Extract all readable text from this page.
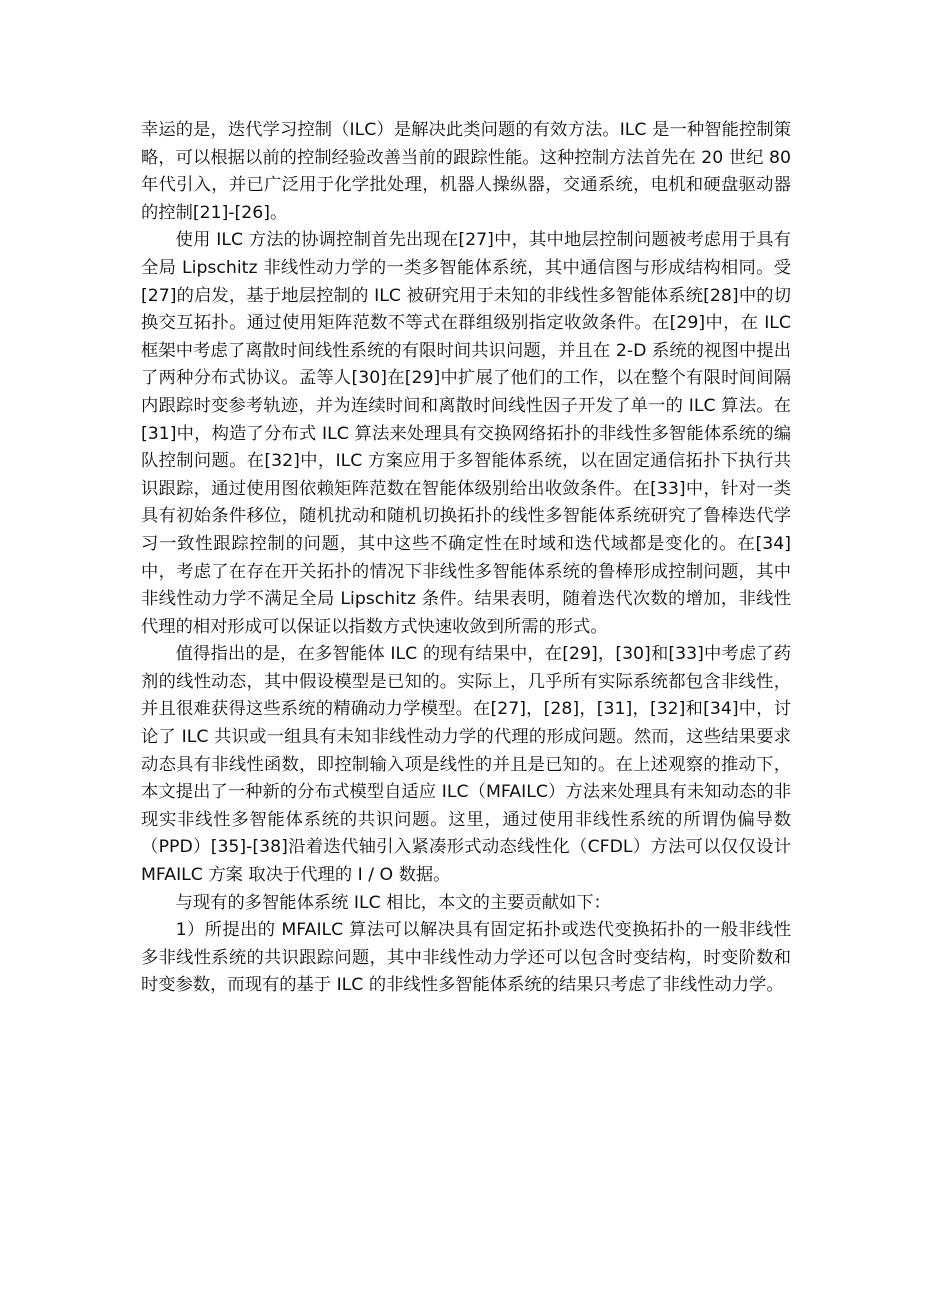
幸运的是，迭代学习控制（ILC）是解决此类问题的有效方法。ILC 是一种智能控制策略，可以根据以前的控制经验改善当前的跟踪性能。这种控制方法首先在 20 世纪 80 年代引入，并已广泛用于化学批处理，机器人操纵器，交通系统，电机和硬盘驱动器的控制[21]-[26]。

使用 ILC 方法的协调控制首先出现在[27]中，其中地层控制问题被考虑用于具有全局 Lipschitz 非线性动力学的一类多智能体系统，其中通信图与形成结构相同。受[27]的启发，基于地层控制的 ILC 被研究用于未知的非线性多智能体系统[28]中的切换交互拓扑。通过使用矩阵范数不等式在群组级别指定收敛条件。在[29]中，在 ILC 框架中考虑了离散时间线性系统的有限时间共识问题，并且在 2-D 系统的视图中提出了两种分布式协议。孟等人[30]在[29]中扩展了他们的工作，以在整个有限时间间隔内跟踪时变参考轨迹，并为连续时间和离散时间线性因子开发了单一的 ILC 算法。在[31]中，构造了分布式 ILC 算法来处理具有交换网络拓扑的非线性多智能体系统的编队控制问题。在[32]中，ILC 方案应用于多智能体系统，以在固定通信拓扑下执行共识跟踪，通过使用图依赖矩阵范数在智能体级别给出收敛条件。在[33]中，针对一类具有初始条件移位，随机扰动和随机切换拓扑的线性多智能体系统研究了鲁棒迭代学习一致性跟踪控制的问题，其中这些不确定性在时域和迭代域都是变化的。在[34]中，考虑了在存在开关拓扑的情况下非线性多智能体系统的鲁棒形成控制问题，其中非线性动力学不满足全局 Lipschitz 条件。结果表明，随着迭代次数的增加，非线性代理的相对形成可以保证以指数方式快速收敛到所需的形式。

值得指出的是，在多智能体 ILC 的现有结果中，在[29]，[30]和[33]中考虑了药剂的线性动态，其中假设模型是已知的。实际上，几乎所有实际系统都包含非线性，并且很难获得这些系统的精确动力学模型。在[27]，[28]，[31]，[32]和[34]中，讨论了 ILC 共识或一组具有未知非线性动力学的代理的形成问题。然而，这些结果要求动态具有非线性函数，即控制输入项是线性的并且是已知的。在上述观察的推动下，本文提出了一种新的分布式模型自适应 ILC（MFAILC）方法来处理具有未知动态的非现实非线性多智能体系统的共识问题。这里，通过使用非线性系统的所谓伪偏导数（PPD）[35]-[38]沿着迭代轴引入紧凑形式动态线性化（CFDL）方法可以仅仅设计 MFAILC 方案 取决于代理的 I / O 数据。

与现有的多智能体系统 ILC 相比，本文的主要贡献如下：

1）所提出的 MFAILC 算法可以解决具有固定拓扑或迭代变换拓扑的一般非线性多非线性系统的共识跟踪问题，其中非线性动力学还可以包含时变结构，时变阶数和时变参数，而现有的基于 ILC 的非线性多智能体系统的结果只考虑了非线性动力学。
